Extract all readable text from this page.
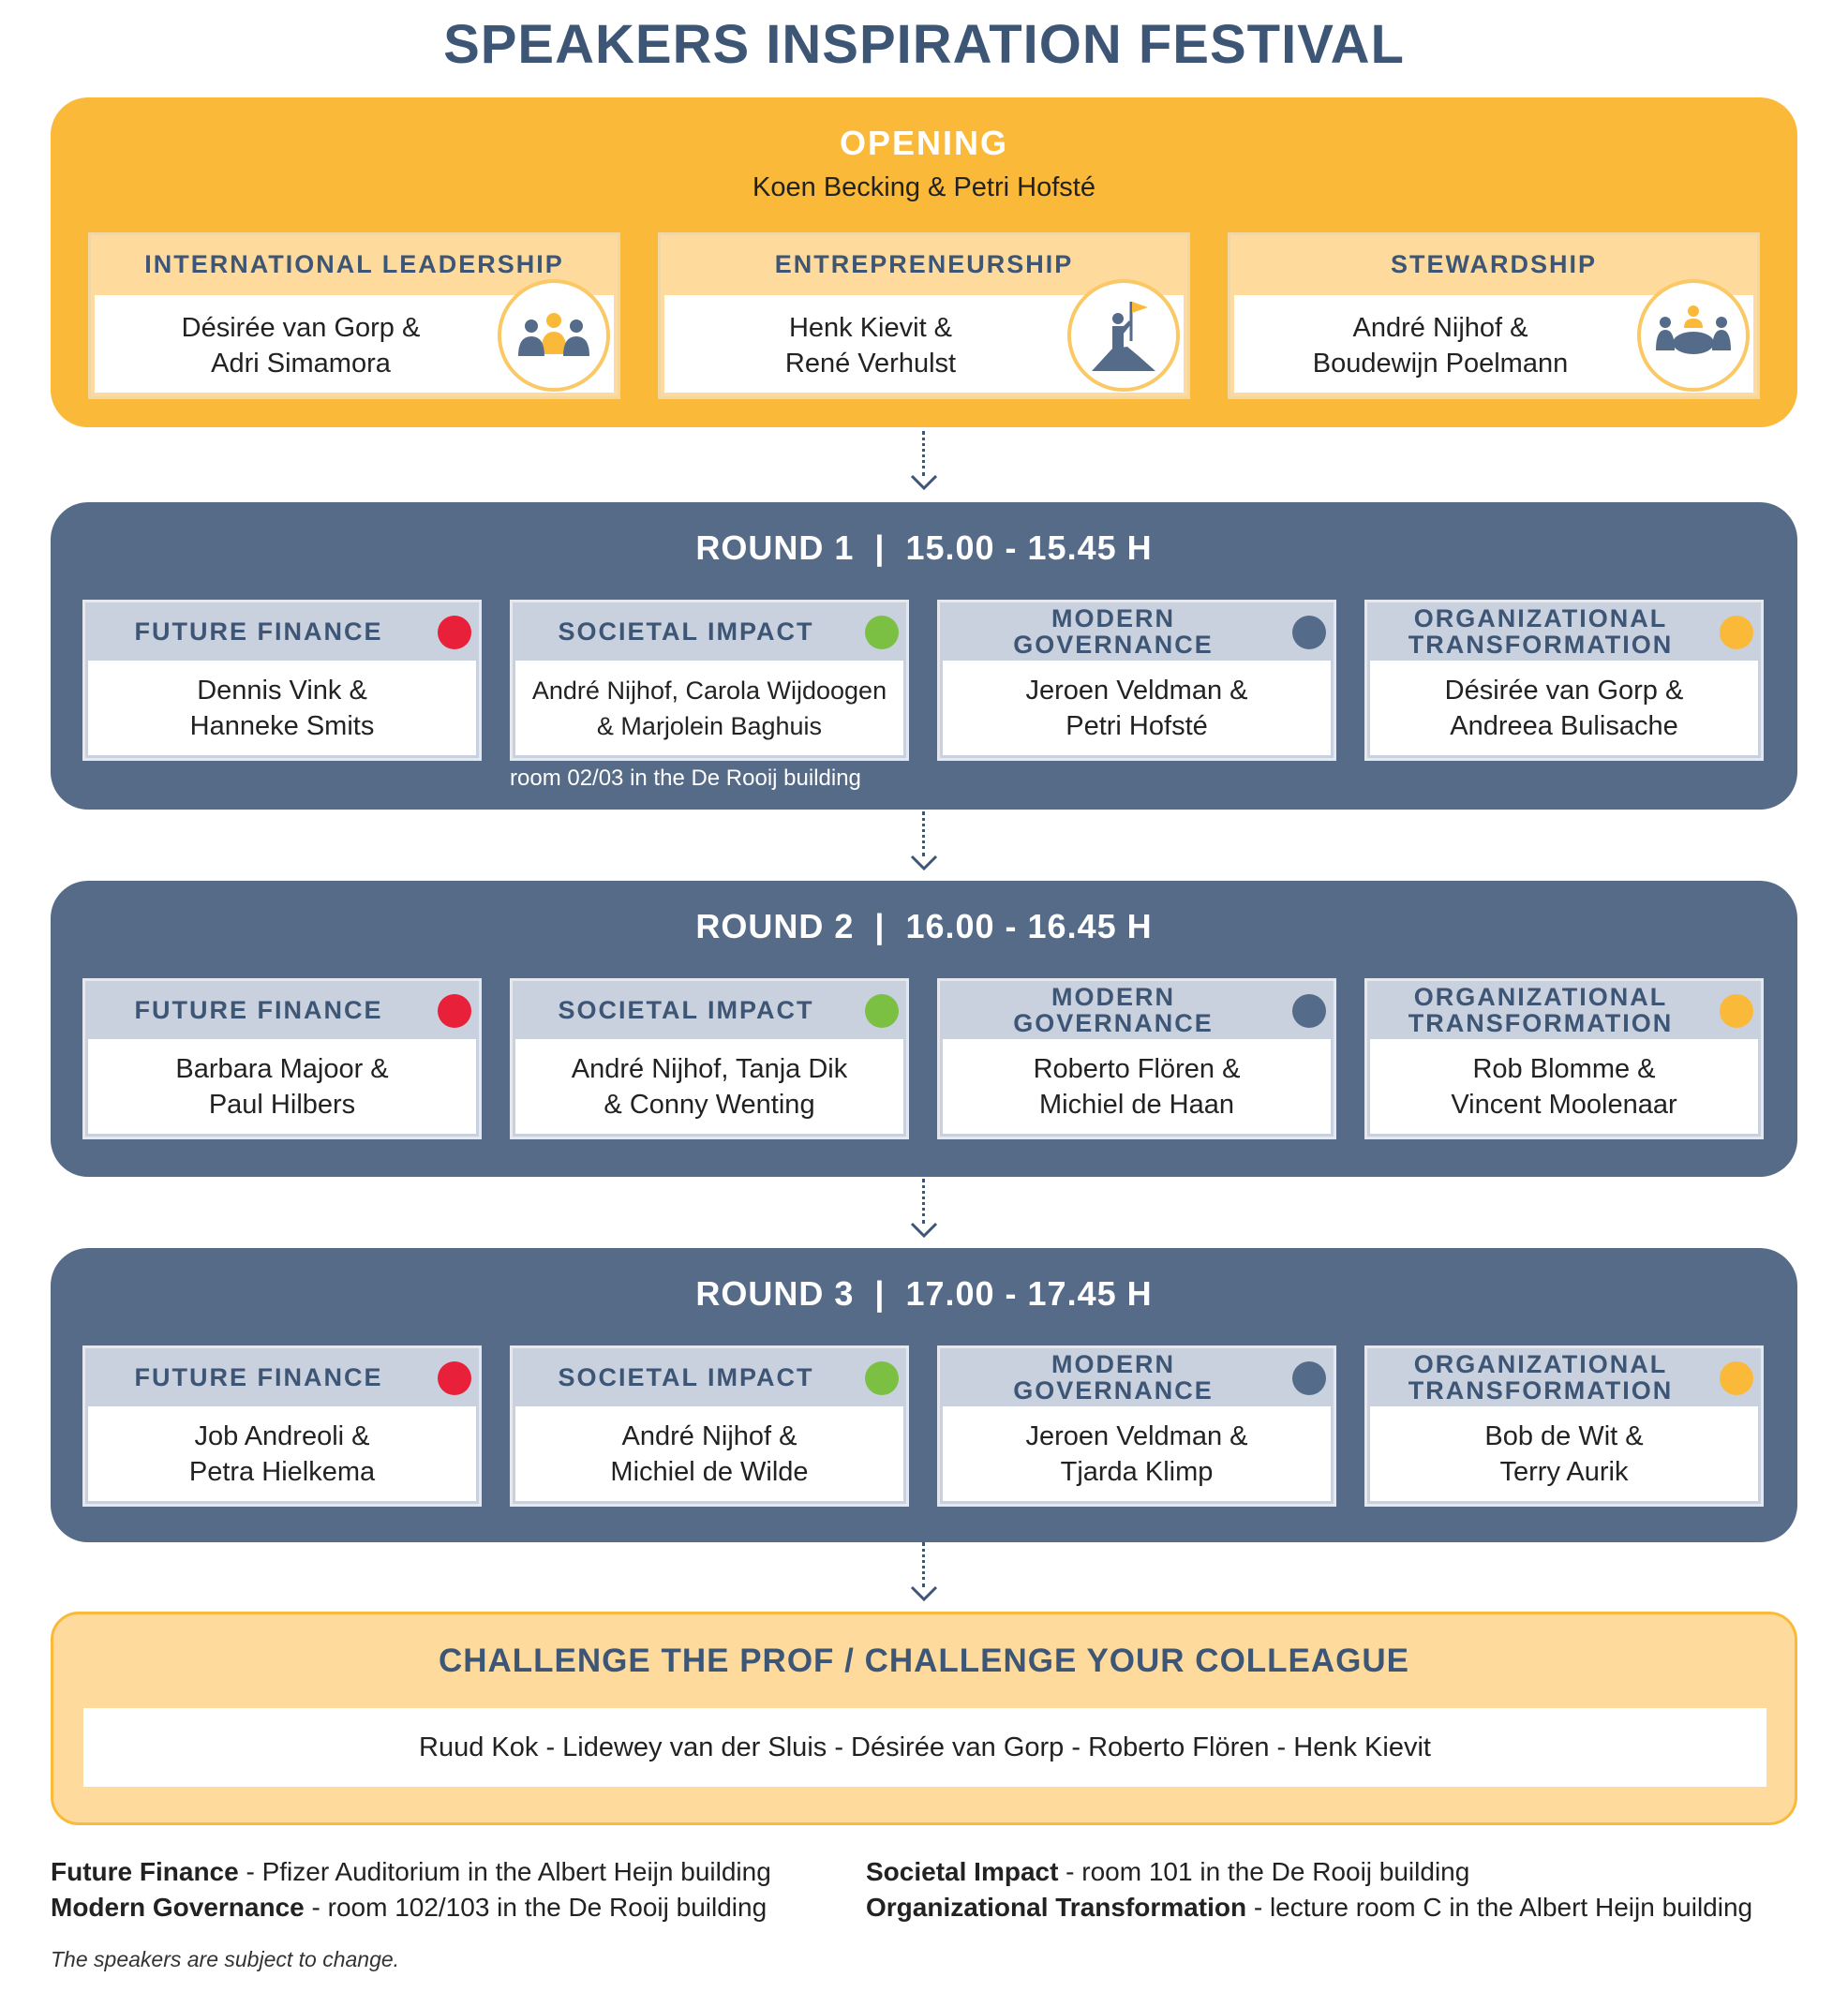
SPEAKERS INSPIRATION FESTIVAL
OPENING
Koen Becking & Petri Hofsté
INTERNATIONAL LEADERSHIP
Désirée van Gorp &
Adri Simamora
ENTREPRENEURSHIP
Henk Kievit &
René Verhulst
STEWARDSHIP
André Nijhof &
Boudewijn Poelmann
ROUND 1  |  15.00 - 15.45 H
FUTURE FINANCE
Dennis Vink &
Hanneke Smits
SOCIETAL IMPACT
André Nijhof, Carola Wijdoogen
& Marjolein Baghuis
MODERN
GOVERNANCE
Jeroen Veldman &
Petri Hofsté
ORGANIZATIONAL
TRANSFORMATION
Désirée van Gorp &
Andreea Bulisache
room 02/03 in the De Rooij building
ROUND 2  |  16.00 - 16.45 H
FUTURE FINANCE
Barbara Majoor &
Paul Hilbers
SOCIETAL IMPACT
André Nijhof, Tanja Dik
& Conny Wenting
MODERN
GOVERNANCE
Roberto Flören &
Michiel de Haan
ORGANIZATIONAL
TRANSFORMATION
Rob Blomme &
Vincent Moolenaar
ROUND 3  |  17.00 - 17.45 H
FUTURE FINANCE
Job Andreoli &
Petra Hielkema
SOCIETAL IMPACT
André Nijhof &
Michiel de Wilde
MODERN
GOVERNANCE
Jeroen Veldman &
Tjarda Klimp
ORGANIZATIONAL
TRANSFORMATION
Bob de Wit &
Terry Aurik
CHALLENGE THE PROF / CHALLENGE YOUR COLLEAGUE
Ruud Kok - Lidewey van der Sluis - Désirée van Gorp - Roberto Flören - Henk Kievit
Future Finance - Pfizer Auditorium in the Albert Heijn building	Societal Impact - room 101 in the De Rooij building
Modern Governance - room 102/103 in the De Rooij building	Organizational Transformation - lecture room C in the Albert Heijn building
The speakers are subject to change.
